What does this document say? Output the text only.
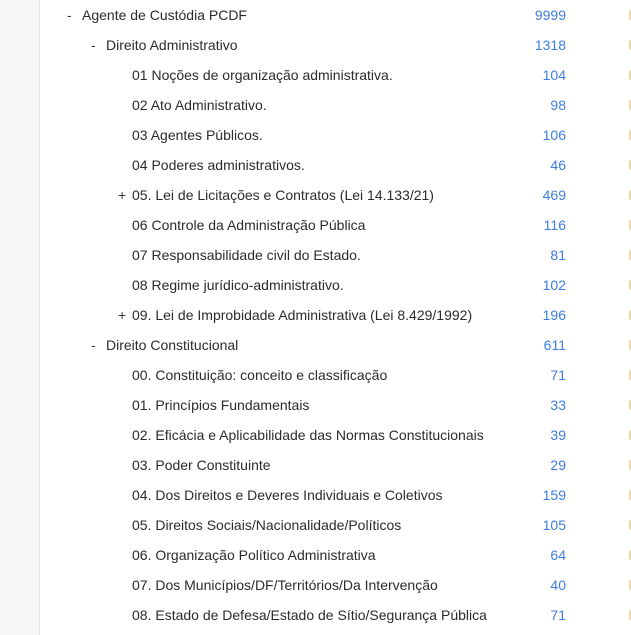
- Agente de Custódia PCDF	9999
- Direito Administrativo	1318
01 Noções de organização administrativa.	104
02 Ato Administrativo.	98
03 Agentes Públicos.	106
04 Poderes administrativos.	46
+ 05. Lei de Licitações e Contratos (Lei 14.133/21)	469
06 Controle da Administração Pública	116
07 Responsabilidade civil do Estado.	81
08 Regime jurídico-administrativo.	102
+ 09. Lei de Improbidade Administrativa (Lei 8.429/1992)	196
- Direito Constitucional	611
00. Constituição: conceito e classificação	71
01. Princípios Fundamentais	33
02. Eficácia e Aplicabilidade das Normas Constitucionais	39
03. Poder Constituinte	29
04. Dos Direitos e Deveres Individuais e Coletivos	159
05. Direitos Sociais/Nacionalidade/Políticos	105
06. Organização Político Administrativa	64
07. Dos Municípios/DF/Territórios/Da Intervenção	40
08. Estado de Defesa/Estado de Sítio/Segurança Pública	71
